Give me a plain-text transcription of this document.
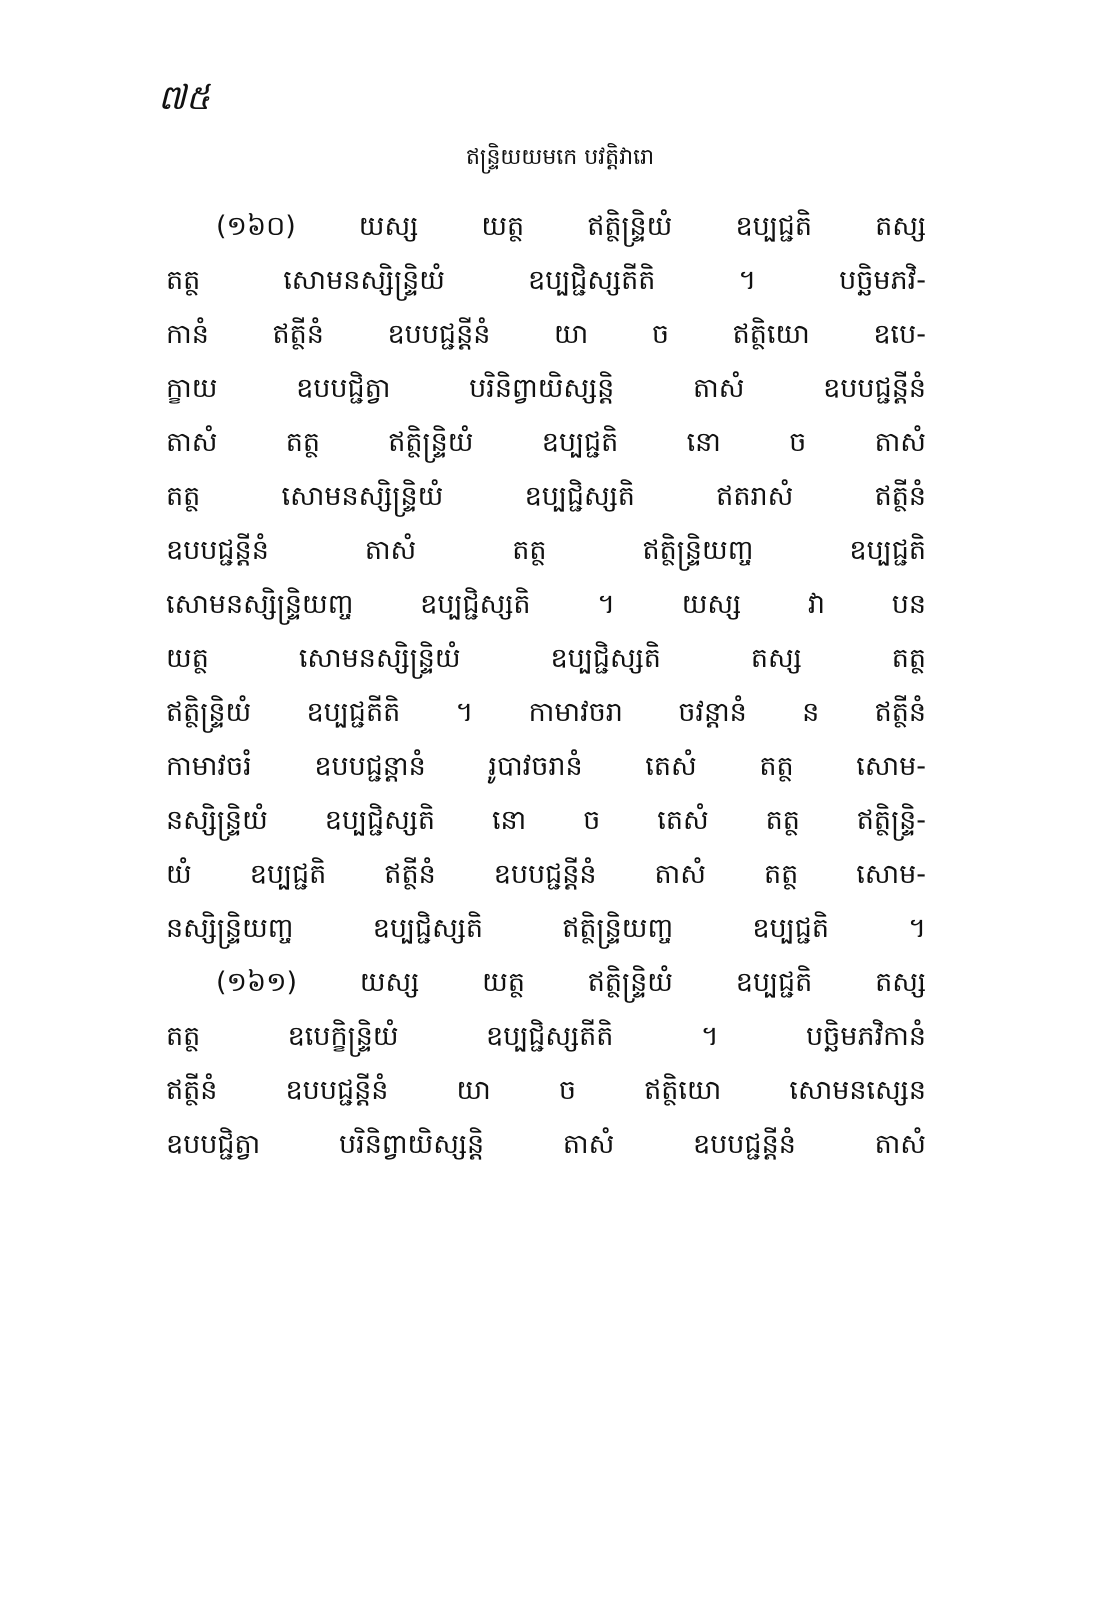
៧៥
ឥន្ទ្រិយយមកេ បវត្តិវារោ
(១៦០) យស្ស យត្ថ ឥត្ថិន្ទ្រិយំ ឧប្បជ្ជតិ តស្ស
តត្ថ សោមនស្សិន្ទ្រិយំ ឧប្បជ្ជិស្សតីតិ ។ បច្ឆិមភវិ-
កានំ ឥត្ថីនំ ឧបបជ្ជន្តីនំ យា ច ឥត្ថិយោ ឧបេ-
ក្ខាយ ឧបបជ្ជិត្វា បរិនិព្វាយិស្សន្តិ តាសំ ឧបបជ្ជន្តីនំ
តាសំ តត្ថ ឥត្ថិន្ទ្រិយំ ឧប្បជ្ជតិ នោ ច តាសំ
តត្ថ សោមនស្សិន្ទ្រិយំ ឧប្បជ្ជិស្សតិ ឥតរាសំ ឥត្ថីនំ
ឧបបជ្ជន្តីនំ តាសំ តត្ថ ឥត្ថិន្ទ្រិយញ្ច ឧប្បជ្ជតិ
សោមនស្សិន្ទ្រិយញ្ច ឧប្បជ្ជិស្សតិ ។ យស្ស វា បន
យត្ថ សោមនស្សិន្ទ្រិយំ ឧប្បជ្ជិស្សតិ តស្ស តត្ថ
ឥត្ថិន្ទ្រិយំ ឧប្បជ្ជតីតិ ។ កាមាវចរា ចវន្តានំ ន ឥត្ថីនំ
កាមាវចរំ ឧបបជ្ជន្តានំ រូបាវចរានំ តេសំ តត្ថ សោម-
នស្សិន្ទ្រិយំ ឧប្បជ្ជិស្សតិ នោ ច តេសំ តត្ថ ឥត្ថិន្ទ្រិ-
យំ ឧប្បជ្ជតិ ឥត្ថីនំ ឧបបជ្ជន្តីនំ តាសំ តត្ថ សោម-
នស្សិន្ទ្រិយញ្ច ឧប្បជ្ជិស្សតិ ឥត្ថិន្ទ្រិយញ្ច ឧប្បជ្ជតិ ។
(១៦១) យស្ស យត្ថ ឥត្ថិន្ទ្រិយំ ឧប្បជ្ជតិ តស្ស
តត្ថ ឧបេក្ខិន្ទ្រិយំ ឧប្បជ្ជិស្សតីតិ ។ បច្ឆិមភវិកានំ
ឥត្ថីនំ ឧបបជ្ជន្តីនំ យា ច ឥត្ថិយោ សោមនស្សេន
ឧបបជ្ជិត្វា បរិនិព្វាយិស្សន្តិ តាសំ ឧបបជ្ជន្តីនំ តាសំ
